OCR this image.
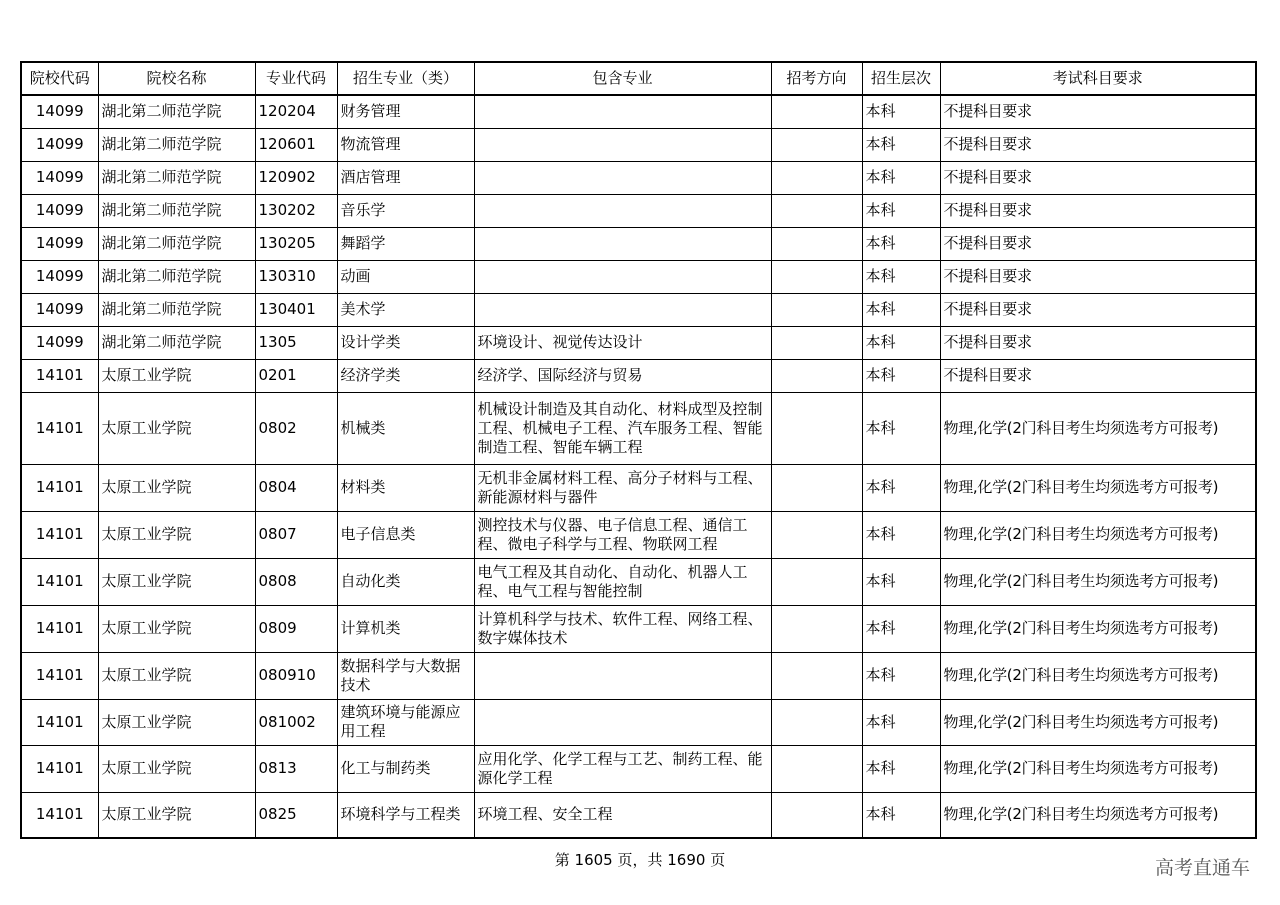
院校代码	院校名称	专业代码	招生专业（类）	包含专业	招考方向	招生层次	考试科目要求
14099	湖北第二师范学院	120204	财务管理			本科	不提科目要求
14099	湖北第二师范学院	120601	物流管理			本科	不提科目要求
14099	湖北第二师范学院	120902	酒店管理			本科	不提科目要求
14099	湖北第二师范学院	130202	音乐学			本科	不提科目要求
14099	湖北第二师范学院	130205	舞蹈学			本科	不提科目要求
14099	湖北第二师范学院	130310	动画			本科	不提科目要求
14099	湖北第二师范学院	130401	美术学			本科	不提科目要求
14099	湖北第二师范学院	1305	设计学类	环境设计、视觉传达设计		本科	不提科目要求
14101	太原工业学院	0201	经济学类	经济学、国际经济与贸易		本科	不提科目要求
14101	太原工业学院	0802	机械类	机械设计制造及其自动化、材料成型及控制工程、机械电子工程、汽车服务工程、智能制造工程、智能车辆工程		本科	物理,化学(2门科目考生均须选考方可报考)
14101	太原工业学院	0804	材料类	无机非金属材料工程、高分子材料与工程、新能源材料与器件		本科	物理,化学(2门科目考生均须选考方可报考)
14101	太原工业学院	0807	电子信息类	测控技术与仪器、电子信息工程、通信工程、微电子科学与工程、物联网工程		本科	物理,化学(2门科目考生均须选考方可报考)
14101	太原工业学院	0808	自动化类	电气工程及其自动化、自动化、机器人工程、电气工程与智能控制		本科	物理,化学(2门科目考生均须选考方可报考)
14101	太原工业学院	0809	计算机类	计算机科学与技术、软件工程、网络工程、数字媒体技术		本科	物理,化学(2门科目考生均须选考方可报考)
14101	太原工业学院	080910	数据科学与大数据技术			本科	物理,化学(2门科目考生均须选考方可报考)
14101	太原工业学院	081002	建筑环境与能源应用工程			本科	物理,化学(2门科目考生均须选考方可报考)
14101	太原工业学院	0813	化工与制药类	应用化学、化学工程与工艺、制药工程、能源化学工程		本科	物理,化学(2门科目考生均须选考方可报考)
14101	太原工业学院	0825	环境科学与工程类	环境工程、安全工程		本科	物理,化学(2门科目考生均须选考方可报考)
第 1605 页，共 1690 页	高考直通车
